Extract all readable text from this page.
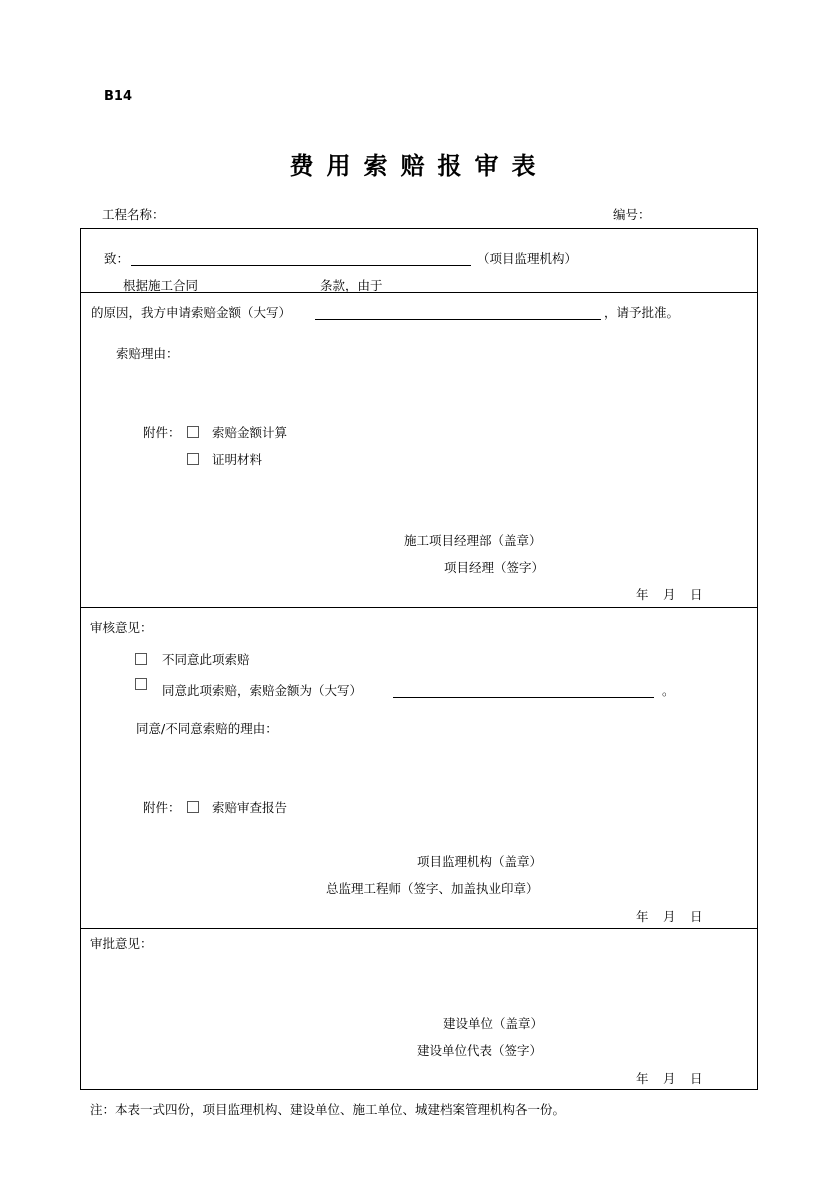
B14
费用索赔报审表
工程名称：	编号：
致：	（项目监理机构）
根据施工合同	条款，由于
的原因，我方申请索赔金额（大写）	，请予批准。
索赔理由：
附件：	索赔金额计算
证明材料
施工项目经理部（盖章）
项目经理（签字）
年 月 日
审核意见：
不同意此项索赔
同意此项索赔，索赔金额为（大写）	。
同意/不同意索赔的理由：
附件：	索赔审查报告
项目监理机构（盖章）
总监理工程师（签字、加盖执业印章）
年 月 日
审批意见：
建设单位（盖章）
建设单位代表（签字）
年 月 日
注：本表一式四份，项目监理机构、建设单位、施工单位、城建档案管理机构各一份。
